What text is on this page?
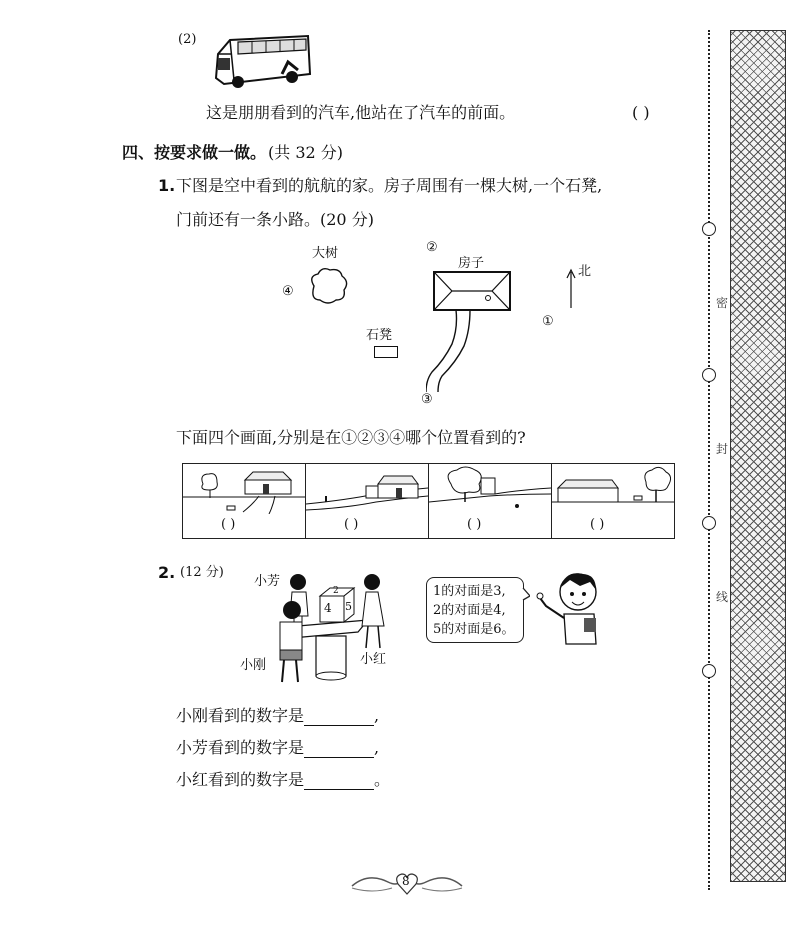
(2)
这是朋朋看到的汽车,他站在了汽车的前面。	( )
四、按要求做一做。 (共 32 分)
1. 下图是空中看到的航航的家。房子周围有一棵大树,一个石凳,
门前还有一条小路。(20 分)
大树
④
②
房子
③
石凳
北
①
下面四个画面,分别是在①②③④哪个位置看到的?
( )	( )	( )	( )
2. (12 分)
小芳
小刚	小红
4 5
2	1的对面是3,
2的对面是4,
5的对面是6。
小刚看到的数字是	,
小芳看到的数字是	,
小红看到的数字是	。
8
密
封
线
